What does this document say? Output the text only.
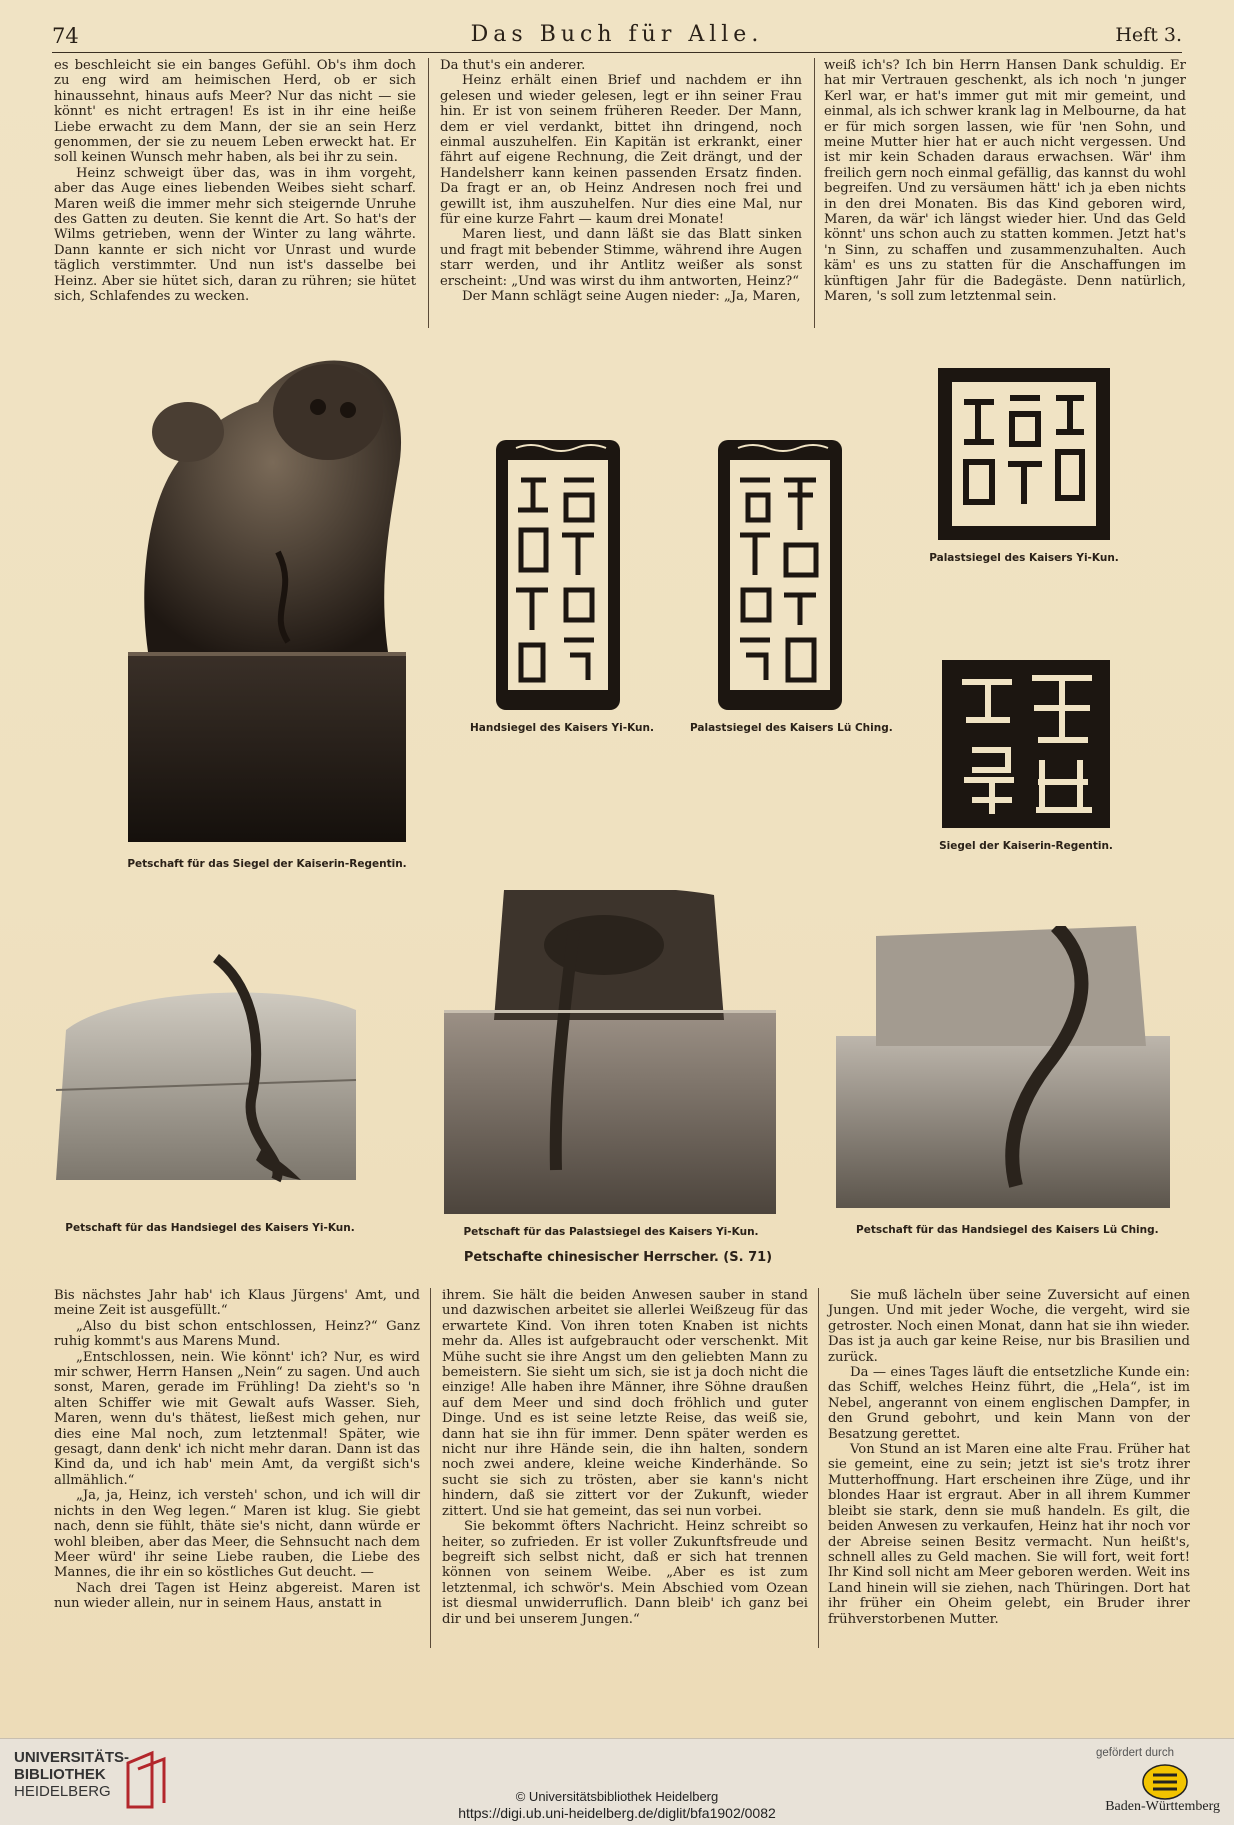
74	Das Buch für Alle.	Heft 3.

es beschleicht sie ein banges Gefühl. Ob's ihm doch zu eng wird am heimischen Herd, ob er sich hinaussehnt, hinaus aufs Meer? Nur das nicht — sie könnt' es nicht ertragen! Es ist in ihr eine heiße Liebe erwacht zu dem Mann, der sie an sein Herz genommen, der sie zu neuem Leben erweckt hat. Er soll keinen Wunsch mehr haben, als bei ihr zu sein.

Heinz schweigt über das, was in ihm vorgeht, aber das Auge eines liebenden Weibes sieht scharf. Maren weiß die immer mehr sich steigernde Unruhe des Gatten zu deuten. Sie kennt die Art. So hat's der Wilms getrieben, wenn der Winter zu lang währte. Dann kannte er sich nicht vor Unrast und wurde täglich verstimmter. Und nun ist's dasselbe bei Heinz. Aber sie hütet sich, daran zu rühren; sie hütet sich, Schlafendes zu wecken.

Da thut's ein anderer.

Heinz erhält einen Brief und nachdem er ihn gelesen und wieder gelesen, legt er ihn seiner Frau hin. Er ist von seinem früheren Reeder. Der Mann, dem er viel verdankt, bittet ihn dringend, noch einmal auszuhelfen. Ein Kapitän ist erkrankt, einer fährt auf eigene Rechnung, die Zeit drängt, und der Handelsherr kann keinen passenden Ersatz finden. Da fragt er an, ob Heinz Andresen noch frei und gewillt ist, ihm auszuhelfen. Nur dies eine Mal, nur für eine kurze Fahrt — kaum drei Monate!

Maren liest, und dann läßt sie das Blatt sinken und fragt mit bebender Stimme, während ihre Augen starr werden, und ihr Antlitz weißer als sonst erscheint: „Und was wirst du ihm antworten, Heinz?“

Der Mann schlägt seine Augen nieder: „Ja, Maren,

weiß ich's? Ich bin Herrn Hansen Dank schuldig. Er hat mir Vertrauen geschenkt, als ich noch 'n junger Kerl war, er hat's immer gut mit mir gemeint, und einmal, als ich schwer krank lag in Melbourne, da hat er für mich sorgen lassen, wie für 'nen Sohn, und meine Mutter hier hat er auch nicht vergessen. Und ist mir kein Schaden daraus erwachsen. Wär' ihm freilich gern noch einmal gefällig, das kannst du wohl begreifen. Und zu versäumen hätt' ich ja eben nichts in den drei Monaten. Bis das Kind geboren wird, Maren, da wär' ich längst wieder hier. Und das Geld könnt' uns schon auch zu statten kommen. Jetzt hat's 'n Sinn, zu schaffen und zusammenzuhalten. Auch käm' es uns zu statten für die Anschaffungen im künftigen Jahr für die Badegäste. Denn natürlich, Maren, 's soll zum letztenmal sein.

Petschaft für das Siegel der Kaiserin-Regentin.
Handsiegel des Kaisers Yi-Kun.	Palastsiegel des Kaisers Lü Ching.
Palastsiegel des Kaisers Yi-Kun.
Siegel der Kaiserin-Regentin.
Petschaft für das Handsiegel des Kaisers Yi-Kun.	Petschaft für das Palastsiegel des Kaisers Yi-Kun.	Petschaft für das Handsiegel des Kaisers Lü Ching.
Petschafte chinesischer Herrscher. (S. 71)

Bis nächstes Jahr hab' ich Klaus Jürgens' Amt, und meine Zeit ist ausgefüllt.“

„Also du bist schon entschlossen, Heinz?“ Ganz ruhig kommt's aus Marens Mund.

„Entschlossen, nein. Wie könnt' ich? Nur, es wird mir schwer, Herrn Hansen „Nein“ zu sagen. Und auch sonst, Maren, gerade im Frühling! Da zieht's so 'n alten Schiffer wie mit Gewalt aufs Wasser. Sieh, Maren, wenn du's thätest, ließest mich gehen, nur dies eine Mal noch, zum letztenmal! Später, wie gesagt, dann denk' ich nicht mehr daran. Dann ist das Kind da, und ich hab' mein Amt, da vergißt sich's allmählich.“

„Ja, ja, Heinz, ich versteh' schon, und ich will dir nichts in den Weg legen.“ Maren ist klug. Sie giebt nach, denn sie fühlt, thäte sie's nicht, dann würde er wohl bleiben, aber das Meer, die Sehnsucht nach dem Meer würd' ihr seine Liebe rauben, die Liebe des Mannes, die ihr ein so köstliches Gut deucht. —

Nach drei Tagen ist Heinz abgereist. Maren ist nun wieder allein, nur in seinem Haus, anstatt in

ihrem. Sie hält die beiden Anwesen sauber in stand und dazwischen arbeitet sie allerlei Weißzeug für das erwartete Kind. Von ihren toten Knaben ist nichts mehr da. Alles ist aufgebraucht oder verschenkt. Mit Mühe sucht sie ihre Angst um den geliebten Mann zu bemeistern. Sie sieht um sich, sie ist ja doch nicht die einzige! Alle haben ihre Männer, ihre Söhne draußen auf dem Meer und sind doch fröhlich und guter Dinge. Und es ist seine letzte Reise, das weiß sie, dann hat sie ihn für immer. Denn später werden es nicht nur ihre Hände sein, die ihn halten, sondern noch zwei andere, kleine weiche Kinderhände. So sucht sie sich zu trösten, aber sie kann's nicht hindern, daß sie zittert vor der Zukunft, wieder zittert. Und sie hat gemeint, das sei nun vorbei.

Sie bekommt öfters Nachricht. Heinz schreibt so heiter, so zufrieden. Er ist voller Zukunftsfreude und begreift sich selbst nicht, daß er sich hat trennen können von seinem Weibe. „Aber es ist zum letztenmal, ich schwör's. Mein Abschied vom Ozean ist diesmal unwiderruflich. Dann bleib' ich ganz bei dir und bei unserem Jungen.“

Sie muß lächeln über seine Zuversicht auf einen Jungen. Und mit jeder Woche, die vergeht, wird sie getroster. Noch einen Monat, dann hat sie ihn wieder. Das ist ja auch gar keine Reise, nur bis Brasilien und zurück.

Da — eines Tages läuft die entsetzliche Kunde ein: das Schiff, welches Heinz führt, die „Hela“, ist im Nebel, angerannt von einem englischen Dampfer, in den Grund gebohrt, und kein Mann von der Besatzung gerettet.

Von Stund an ist Maren eine alte Frau. Früher hat sie gemeint, eine zu sein; jetzt ist sie's trotz ihrer Mutterhoffnung. Hart erscheinen ihre Züge, und ihr blondes Haar ist ergraut. Aber in all ihrem Kummer bleibt sie stark, denn sie muß handeln. Es gilt, die beiden Anwesen zu verkaufen, Heinz hat ihr noch vor der Abreise seinen Besitz vermacht. Nun heißt's, schnell alles zu Geld machen. Sie will fort, weit fort! Ihr Kind soll nicht am Meer geboren werden. Weit ins Land hinein will sie ziehen, nach Thüringen. Dort hat ihr früher ein Oheim gelebt, ein Bruder ihrer frühverstorbenen Mutter.

UNIVERSITÄTS-
BIBLIOTHEK
HEIDELBERG	© Universitätsbibliothek Heidelberg
https://digi.ub.uni-heidelberg.de/diglit/bfa1902/0082
gefördert durch
Baden-Württemberg
